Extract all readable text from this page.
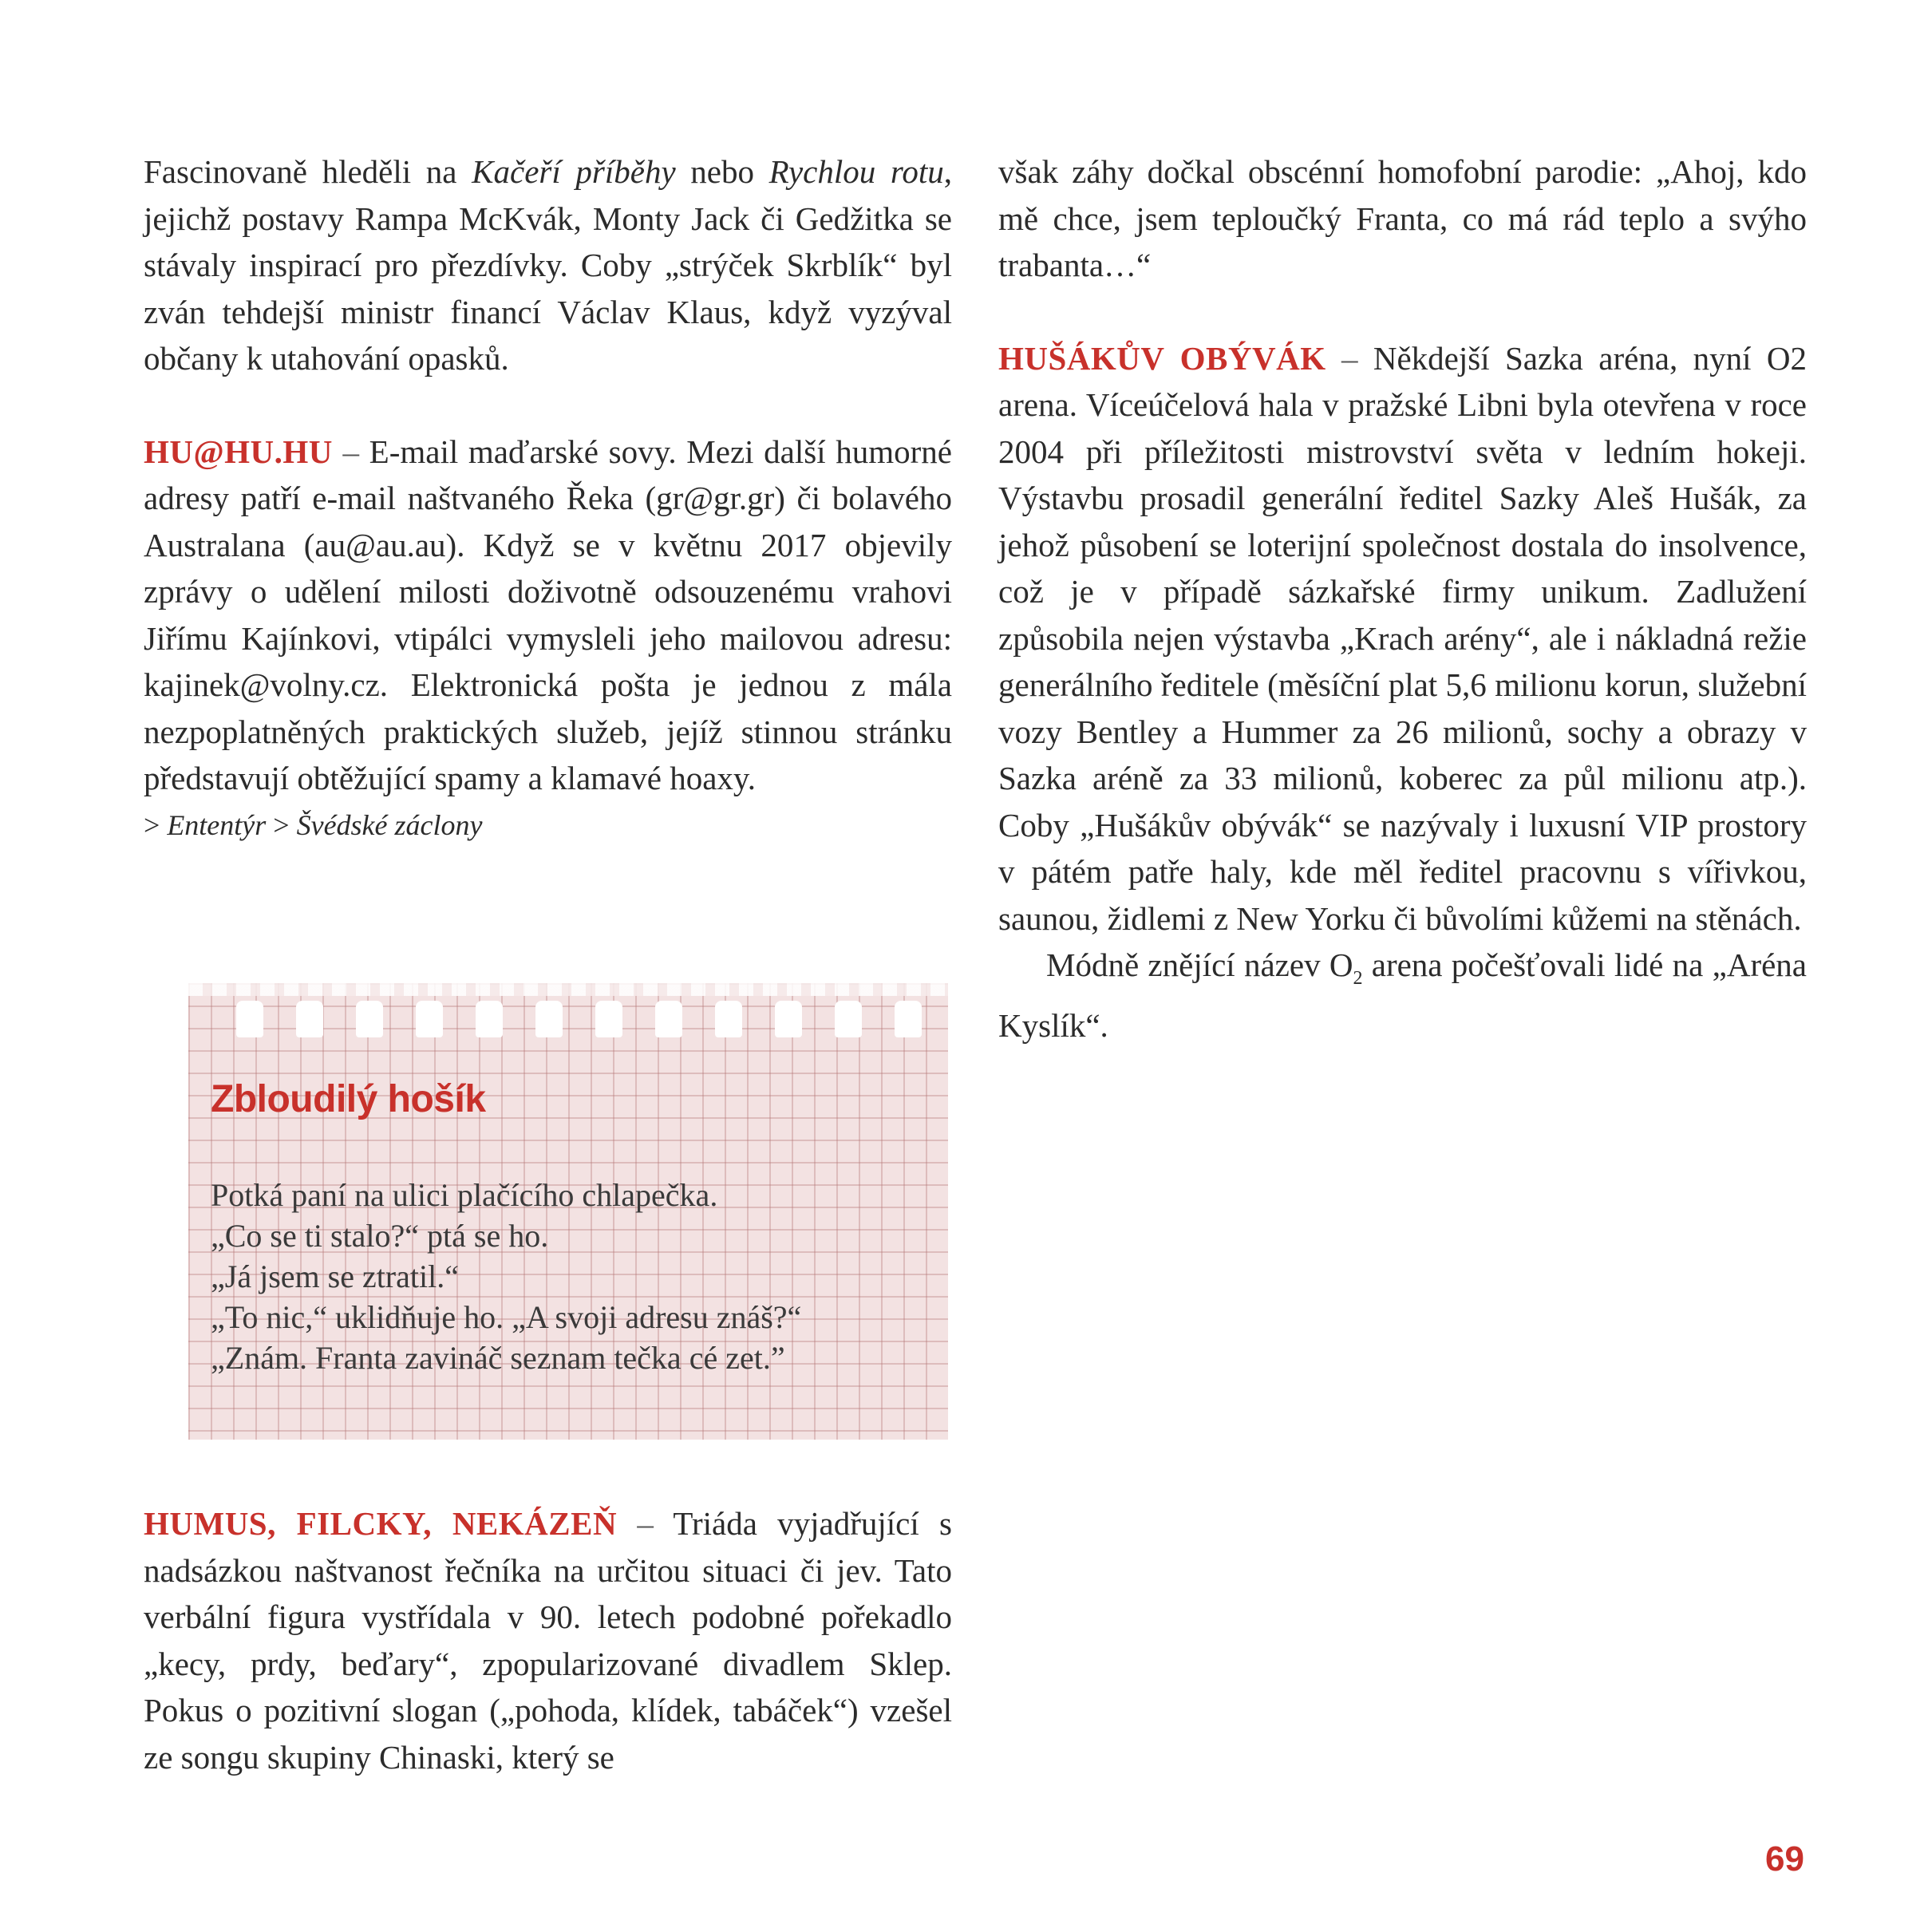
Fascinovaně hleděli na Kačeří příběhy nebo Rychlou rotu, jejichž postavy Rampa McKvák, Monty Jack či Gedžitka se stávaly inspirací pro přezdívky. Coby „strýček Skrblík“ byl zván tehdejší ministr financí Václav Klaus, když vyzýval občany k utahování opasků.

HU@HU.HU – E-mail maďarské sovy. Mezi další humorné adresy patří e-mail naštvaného Řeka (gr@gr.gr) či bolavého Australana (au@au.au). Když se v květnu 2017 objevily zprávy o udělení milosti doživotně odsouzenému vrahovi Jiřímu Kajínkovi, vtipálci vymysleli jeho mailovou adresu: kajinek@volny.cz. Elektronická pošta je jednou z mála nezpoplatněných praktických služeb, jejíž stinnou stránku představují obtěžující spamy a klamavé hoaxy.

> Ententýr > Švédské záclony
Zbloudilý hošík
Potká paní na ulici plačícího chlapečka.
„Co se ti stalo?“ ptá se ho.
„Já jsem se ztratil.“
„To nic,“ uklidňuje ho. „A svoji adresu znáš?“
„Znám. Franta zavináč seznam tečka cé zet.”

HUMUS, FILCKY, NEKÁZEŇ – Triáda vyjadřující s nadsázkou naštvanost řečníka na určitou situaci či jev. Tato verbální figura vystřídala v 90. letech podobné pořekadlo „kecy, prdy, beďary“, zpopularizované divadlem Sklep. Pokus o pozitivní slogan („pohoda, klídek, tabáček“) vzešel ze songu skupiny Chinaski, který se

však záhy dočkal obscénní homofobní parodie: „Ahoj, kdo mě chce, jsem teploučký Franta, co má rád teplo a svýho trabanta…“

HUŠÁKŮV OBÝVÁK – Někdejší Sazka aréna, nyní O2 arena. Víceúčelová hala v pražské Libni byla otevřena v roce 2004 při příležitosti mistrovství světa v ledním hokeji. Výstavbu prosadil generální ředitel Sazky Aleš Hušák, za jehož působení se loterijní společnost dostala do insolvence, což je v případě sázkařské firmy unikum. Zadlužení způsobila nejen výstavba „Krach arény“, ale i nákladná režie generálního ředitele (měsíční plat 5,6 milionu korun, služební vozy Bentley a Hummer za 26 milionů, sochy a obrazy v Sazka aréně za 33 milionů, koberec za půl milionu atp.). Coby „Hušákův obývák“ se nazývaly i luxusní VIP prostory v pátém patře haly, kde měl ředitel pracovnu s vířivkou, saunou, židlemi z New Yorku či bůvolími kůžemi na stěnách.

Módně znějící název $O_2$ arena počešťovali lidé na „Aréna Kyslík“.

69
